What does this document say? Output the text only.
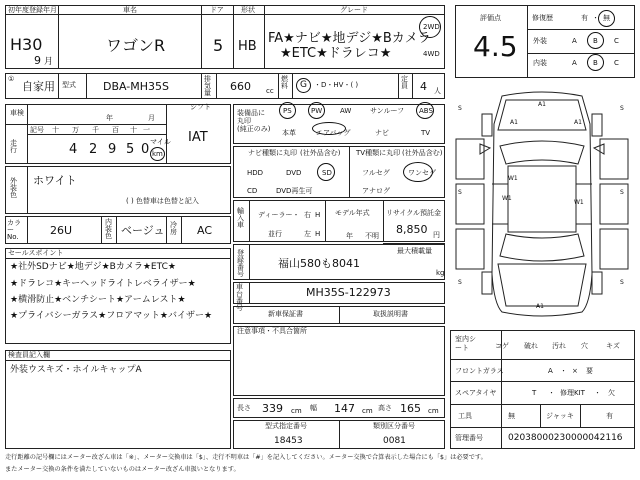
初年度登録年月
H30
9 月
車名
ワゴンR
ドア
5
形状
HB
グレード
FA★ナビ★地デジ★Bカメラ
★ETC★ドラレコ★
2WD
4WD
①
自家用 型式 DBA-MH35S
排気量 660 cc
燃料 G ・D・HV・( )
定員 4 人
評価点
4.5
修復歴	有 ・ 無
外装	A B C
内装	A B C
車検
年	月
シフト
IAT
走行
記号 十 万 千 百 十 一
4 2 9 5 0 マイル
km
外装色
ホワイト
( ) 色替車は色替と記入
カラーNo.	26U
内装色 ベージュ 冷房 AC
セールスポイント
★社外SDナビ★地デジ★Bカメラ★ETC★
★ドラレコ★キーヘッドライトレベライザー★
★横滑防止★ベンチシート★アームレスト★
★プライバシーガラス★フロアマット★バイザー★
検査員記入欄
外装ウスキズ・ホイルキャップA
装備品に丸印
(純正のみ)
PS	PW	AW	サンルーフ ABS
本革	エアバッグ	ナビ	TV
ナビ種類に丸印 (社外品含む)
HDD	DVD	SD
CD	DVD再生可
TV種類に丸印 (社外品含む)
フルセグ	ワンセグ
アナログ
輸入車
ディーラー・
並行
右 H
左 H
モデル年式
年 不明
リサイクル預託金
8,850 円
登録番号
最大積載量
福山580も8041
kg
車台番号
MH35S-122973
新車保証書	取扱説明書
注意事項・不具合箇所
長さ 339 cm 幅 147 cm 高さ 165 cm
型式指定番号
18453
類別区分番号
0081
A1
A1	A1
W1
W1
W1
A1
S	S
S	S
S	S
室内シート	コゲ 破れ 汚れ 穴	キズ
フロントガラス	A ・ × 要
スペアタイヤ	T ・ 修理KIT ・ 欠
工具	無	ジャッキ	有
管理番号	02038000230000042116
走行距離の記号欄にはメーター改ざん車は「※」、メーター交換車は「$」、走行不明車は「#」を記入してください。メーター交換で合算表示した場合にも「$」は必要です。
またメーター交換の条件を満たしていないものはメーター改ざん車扱いとなります。
